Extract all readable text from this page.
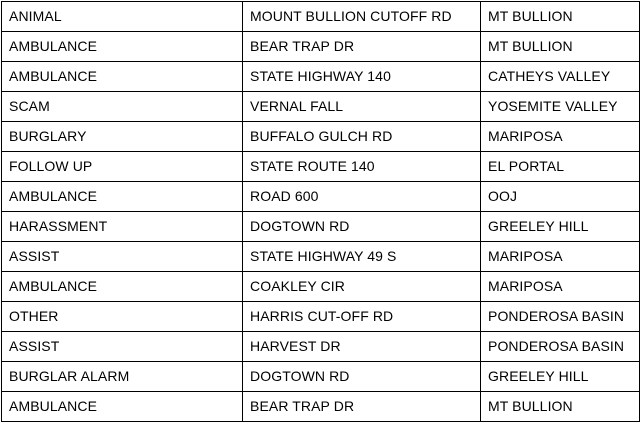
ANIMAL	MOUNT BULLION CUTOFF RD	MT BULLION
AMBULANCE	BEAR TRAP DR	MT BULLION
AMBULANCE	STATE HIGHWAY 140	CATHEYS VALLEY
SCAM	VERNAL FALL	YOSEMITE VALLEY
BURGLARY	BUFFALO GULCH RD	MARIPOSA
FOLLOW UP	STATE ROUTE 140	EL PORTAL
AMBULANCE	ROAD 600	OOJ
HARASSMENT	DOGTOWN RD	GREELEY HILL
ASSIST	STATE HIGHWAY 49 S	MARIPOSA
AMBULANCE	COAKLEY CIR	MARIPOSA
OTHER	HARRIS CUT-OFF RD	PONDEROSA BASIN
ASSIST	HARVEST DR	PONDEROSA BASIN
BURGLAR ALARM	DOGTOWN RD	GREELEY HILL
AMBULANCE	BEAR TRAP DR	MT BULLION
